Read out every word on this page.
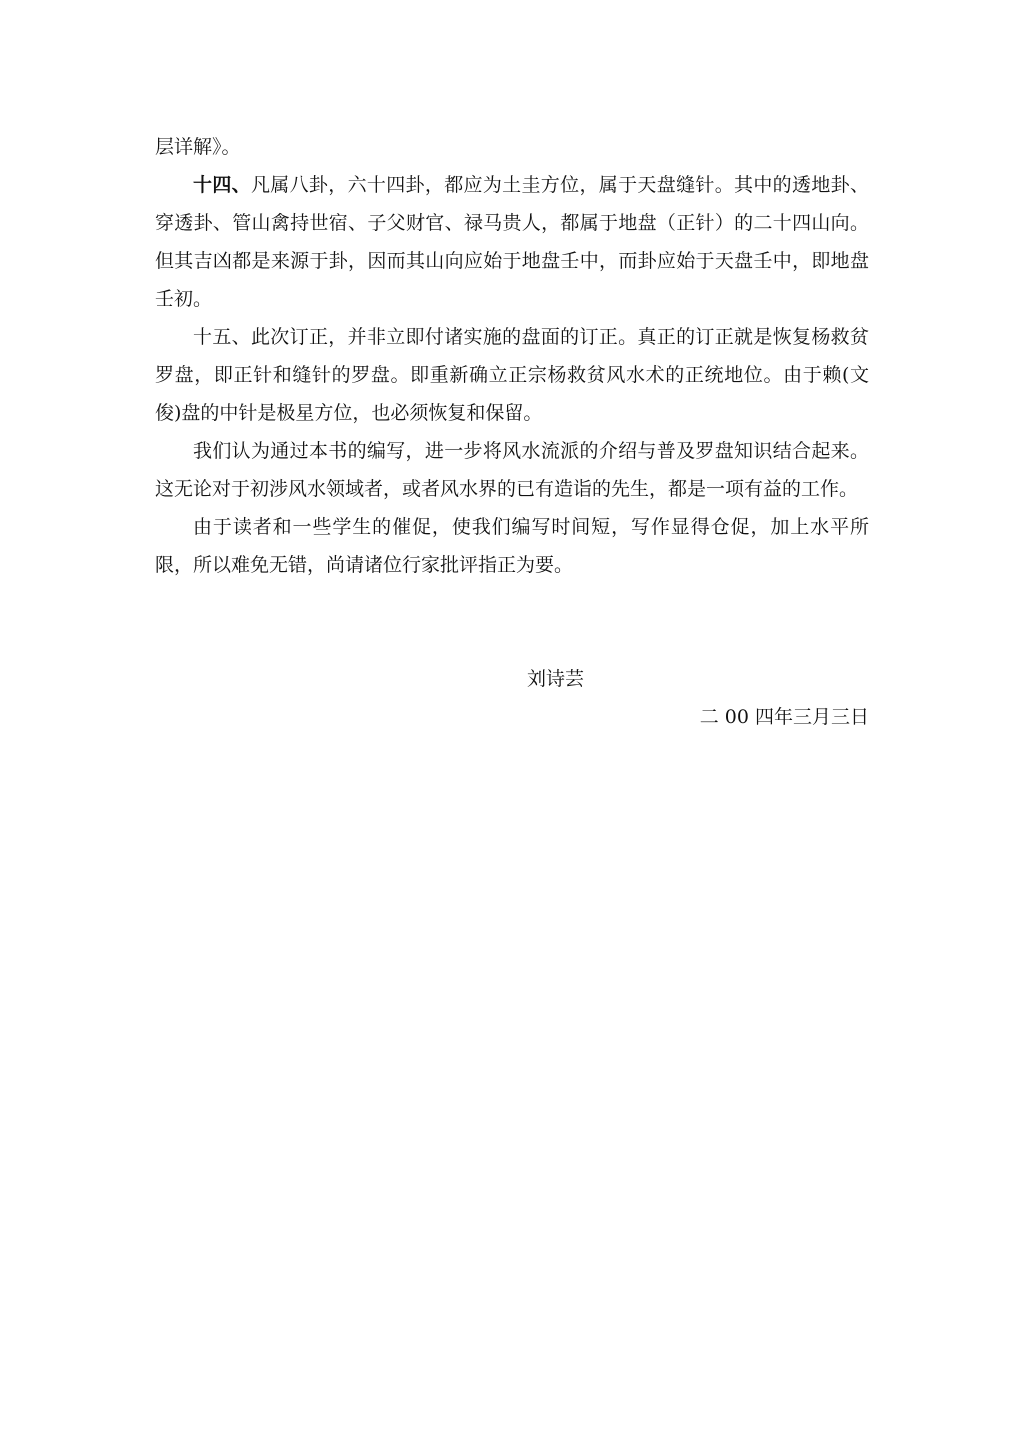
层详解》。

十四、凡属八卦，六十四卦，都应为土圭方位，属于天盘缝针。其中的透地卦、穿透卦、管山禽持世宿、子父财官、禄马贵人，都属于地盘（正针）的二十四山向。但其吉凶都是来源于卦，因而其山向应始于地盘壬中，而卦应始于天盘壬中，即地盘壬初。

十五、此次订正，并非立即付诸实施的盘面的订正。真正的订正就是恢复杨救贫罗盘，即正针和缝针的罗盘。即重新确立正宗杨救贫风水术的正统地位。由于赖(文俊)盘的中针是极星方位，也必须恢复和保留。

我们认为通过本书的编写，进一步将风水流派的介绍与普及罗盘知识结合起来。这无论对于初涉风水领域者，或者风水界的已有造诣的先生，都是一项有益的工作。

由于读者和一些学生的催促，使我们编写时间短，写作显得仓促，加上水平所限，所以难免无错，尚请诸位行家批评指正为要。

刘诗芸
二 00 四年三月三日
